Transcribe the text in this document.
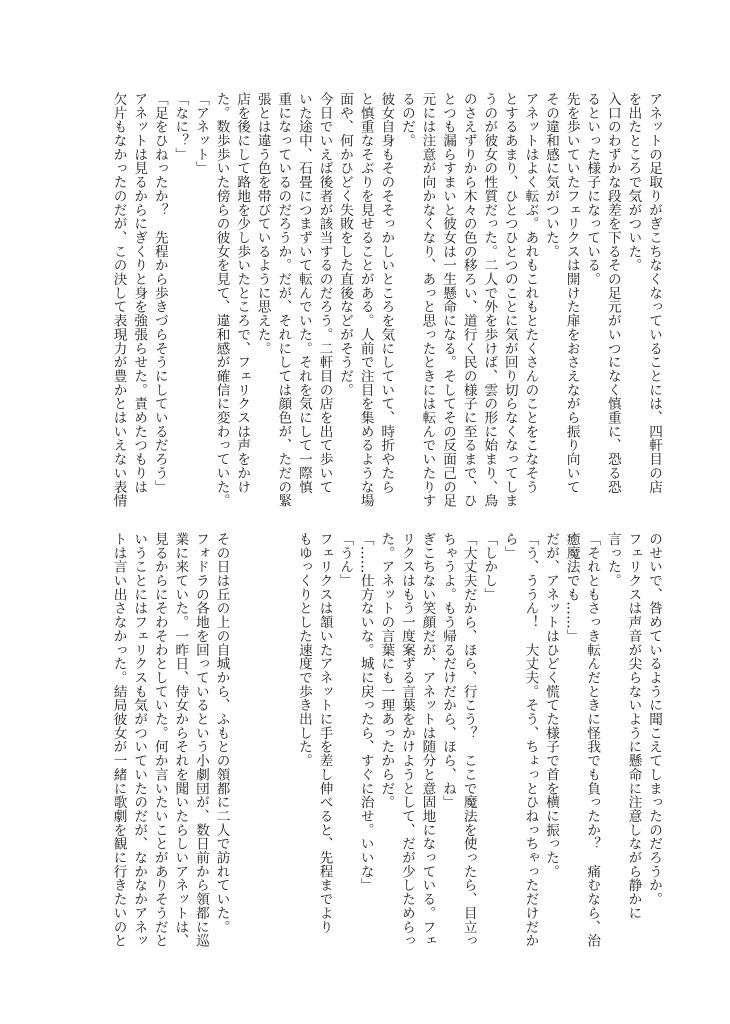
アネットの足取りがぎこちなくなっていることには、四軒目の店
を出たところで気がついた。
入口のわずかな段差を下るその足元がいつになく慎重に、恐る恐
るといった様子になっている。
先を歩いていたフェリクスは開けた扉をおさえながら振り向いて
その違和感に気がついた。
アネットはよく転ぶ。あれもこれもとたくさんのことをこなそう
とするあまり、ひとつひとつのことに気が回り切らなくなってしま
うのが彼女の性質だった。二人で外を歩けば、雲の形に始まり、鳥
のさえずりから木々の色の移ろい、道行く民の様子に至るまで、ひ
とつも漏らすまいと彼女は一生懸命になる。そしてその反面己の足
元には注意が向かなくなり、あっと思ったときには転んでいたりす
るのだ。
彼女自身もそのそそっかしいところを気にしていて、時折やたら
と慎重なそぶりを見せることがある。人前で注目を集めるような場
面や、何かひどく失敗をした直後などがそうだ。
今日でいえば後者が該当するのだろう。二軒目の店を出て歩いて
いた途中、石畳につまずいて転んでいた。それを気にして一際慎
重になっているのだろうか。だが、それにしては顔色が、ただの緊
張とは違う色を帯びているように思えた。
店を後にして路地を少し歩いたところで、フェリクスは声をかけ
た。数歩歩いた傍らの彼女を見て、違和感が確信に変わっていた。
「アネット」
「なに？」
「足をひねったか？　先程から歩きづらそうにしているだろう」
アネットは見るからにぎくりと身を強張らせた。責めたつもりは
欠片もなかったのだが、この決して表現力が豊かとはいえない表情
のせいで、咎めているように聞こえてしまったのだろうか。
フェリクスは声音が尖らないように懸命に注意しながら静かに
言った。
「それともさっき転んだときに怪我でも負ったか？　痛むなら、治
癒魔法でも……」
だが、アネットはひどく慌てた様子で首を横に振った。
「う、ううん！　大丈夫。そう、ちょっとひねっちゃっただけだか
ら」
「しかし」
「大丈夫だから、ほら、行こう？　ここで魔法を使ったら、目立っ
ちゃうよ。もう帰るだけだから、ほら、ね」
ぎこちない笑顔だが、アネットは随分と意固地になっている。フェ
リクスはもう一度案ずる言葉をかけようとして、だが少しためらっ
た。アネットの言葉にも一理あったからだ。
「……仕方ないな。城に戻ったら、すぐに治せ。いいな」
「うん」
フェリクスは頷いたアネットに手を差し伸べると、先程までより
もゆっくりとした速度で歩き出した。
その日は丘の上の自城から、ふもとの領都に二人で訪れていた。
フォドラの各地を回っているという小劇団が、数日前から領都に巡
業に来ていた。一昨日、侍女からそれを聞いたらしいアネットは、
見るからにそわそわとしていた。何か言いたいことがありそうだと
いうことにはフェリクスも気がついていたのだが、なかなかアネッ
トは言い出さなかった。結局彼女が一緒に歌劇を観に行きたいのと
